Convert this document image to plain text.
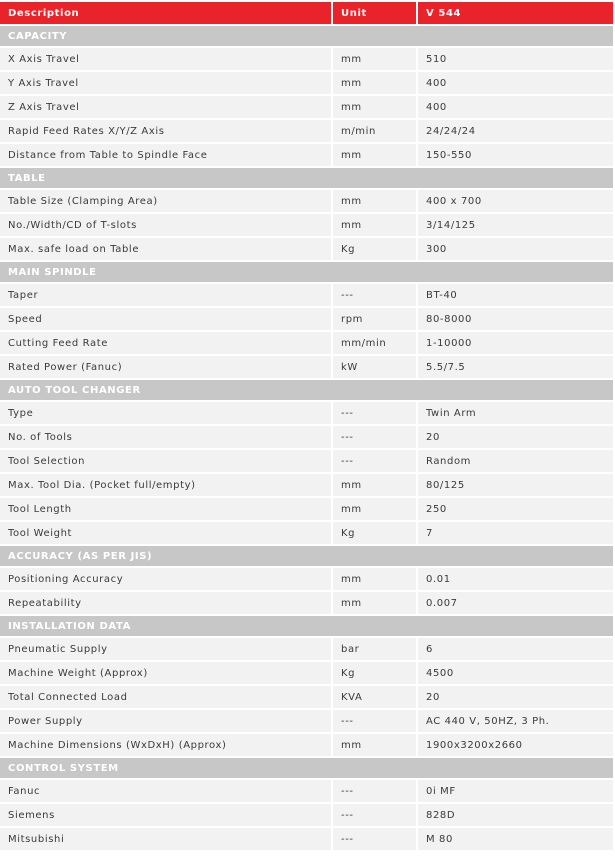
Description	Unit	V 544
CAPACITY
X Axis Travel	mm	510
Y Axis Travel	mm	400
Z Axis Travel	mm	400
Rapid Feed Rates X/Y/Z Axis	m/min	24/24/24
Distance from Table to Spindle Face	mm	150-550
TABLE
Table Size (Clamping Area)	mm	400 x 700
No./Width/CD of T-slots	mm	3/14/125
Max. safe load on Table	Kg	300
MAIN SPINDLE
Taper	---	BT-40
Speed	rpm	80-8000
Cutting Feed Rate	mm/min	1-10000
Rated Power (Fanuc)	kW	5.5/7.5
AUTO TOOL CHANGER
Type	---	Twin Arm
No. of Tools	---	20
Tool Selection	---	Random
Max. Tool Dia. (Pocket full/empty)	mm	80/125
Tool Length	mm	250
Tool Weight	Kg	7
ACCURACY (AS PER JIS)
Positioning Accuracy	mm	0.01
Repeatability	mm	0.007
INSTALLATION DATA
Pneumatic Supply	bar	6
Machine Weight (Approx)	Kg	4500
Total Connected Load	KVA	20
Power Supply	---	AC 440 V, 50HZ, 3 Ph.
Machine Dimensions (WxDxH) (Approx)	mm	1900x3200x2660
CONTROL SYSTEM
Fanuc	---	0i MF
Siemens	---	828D
Mitsubishi	---	M 80
